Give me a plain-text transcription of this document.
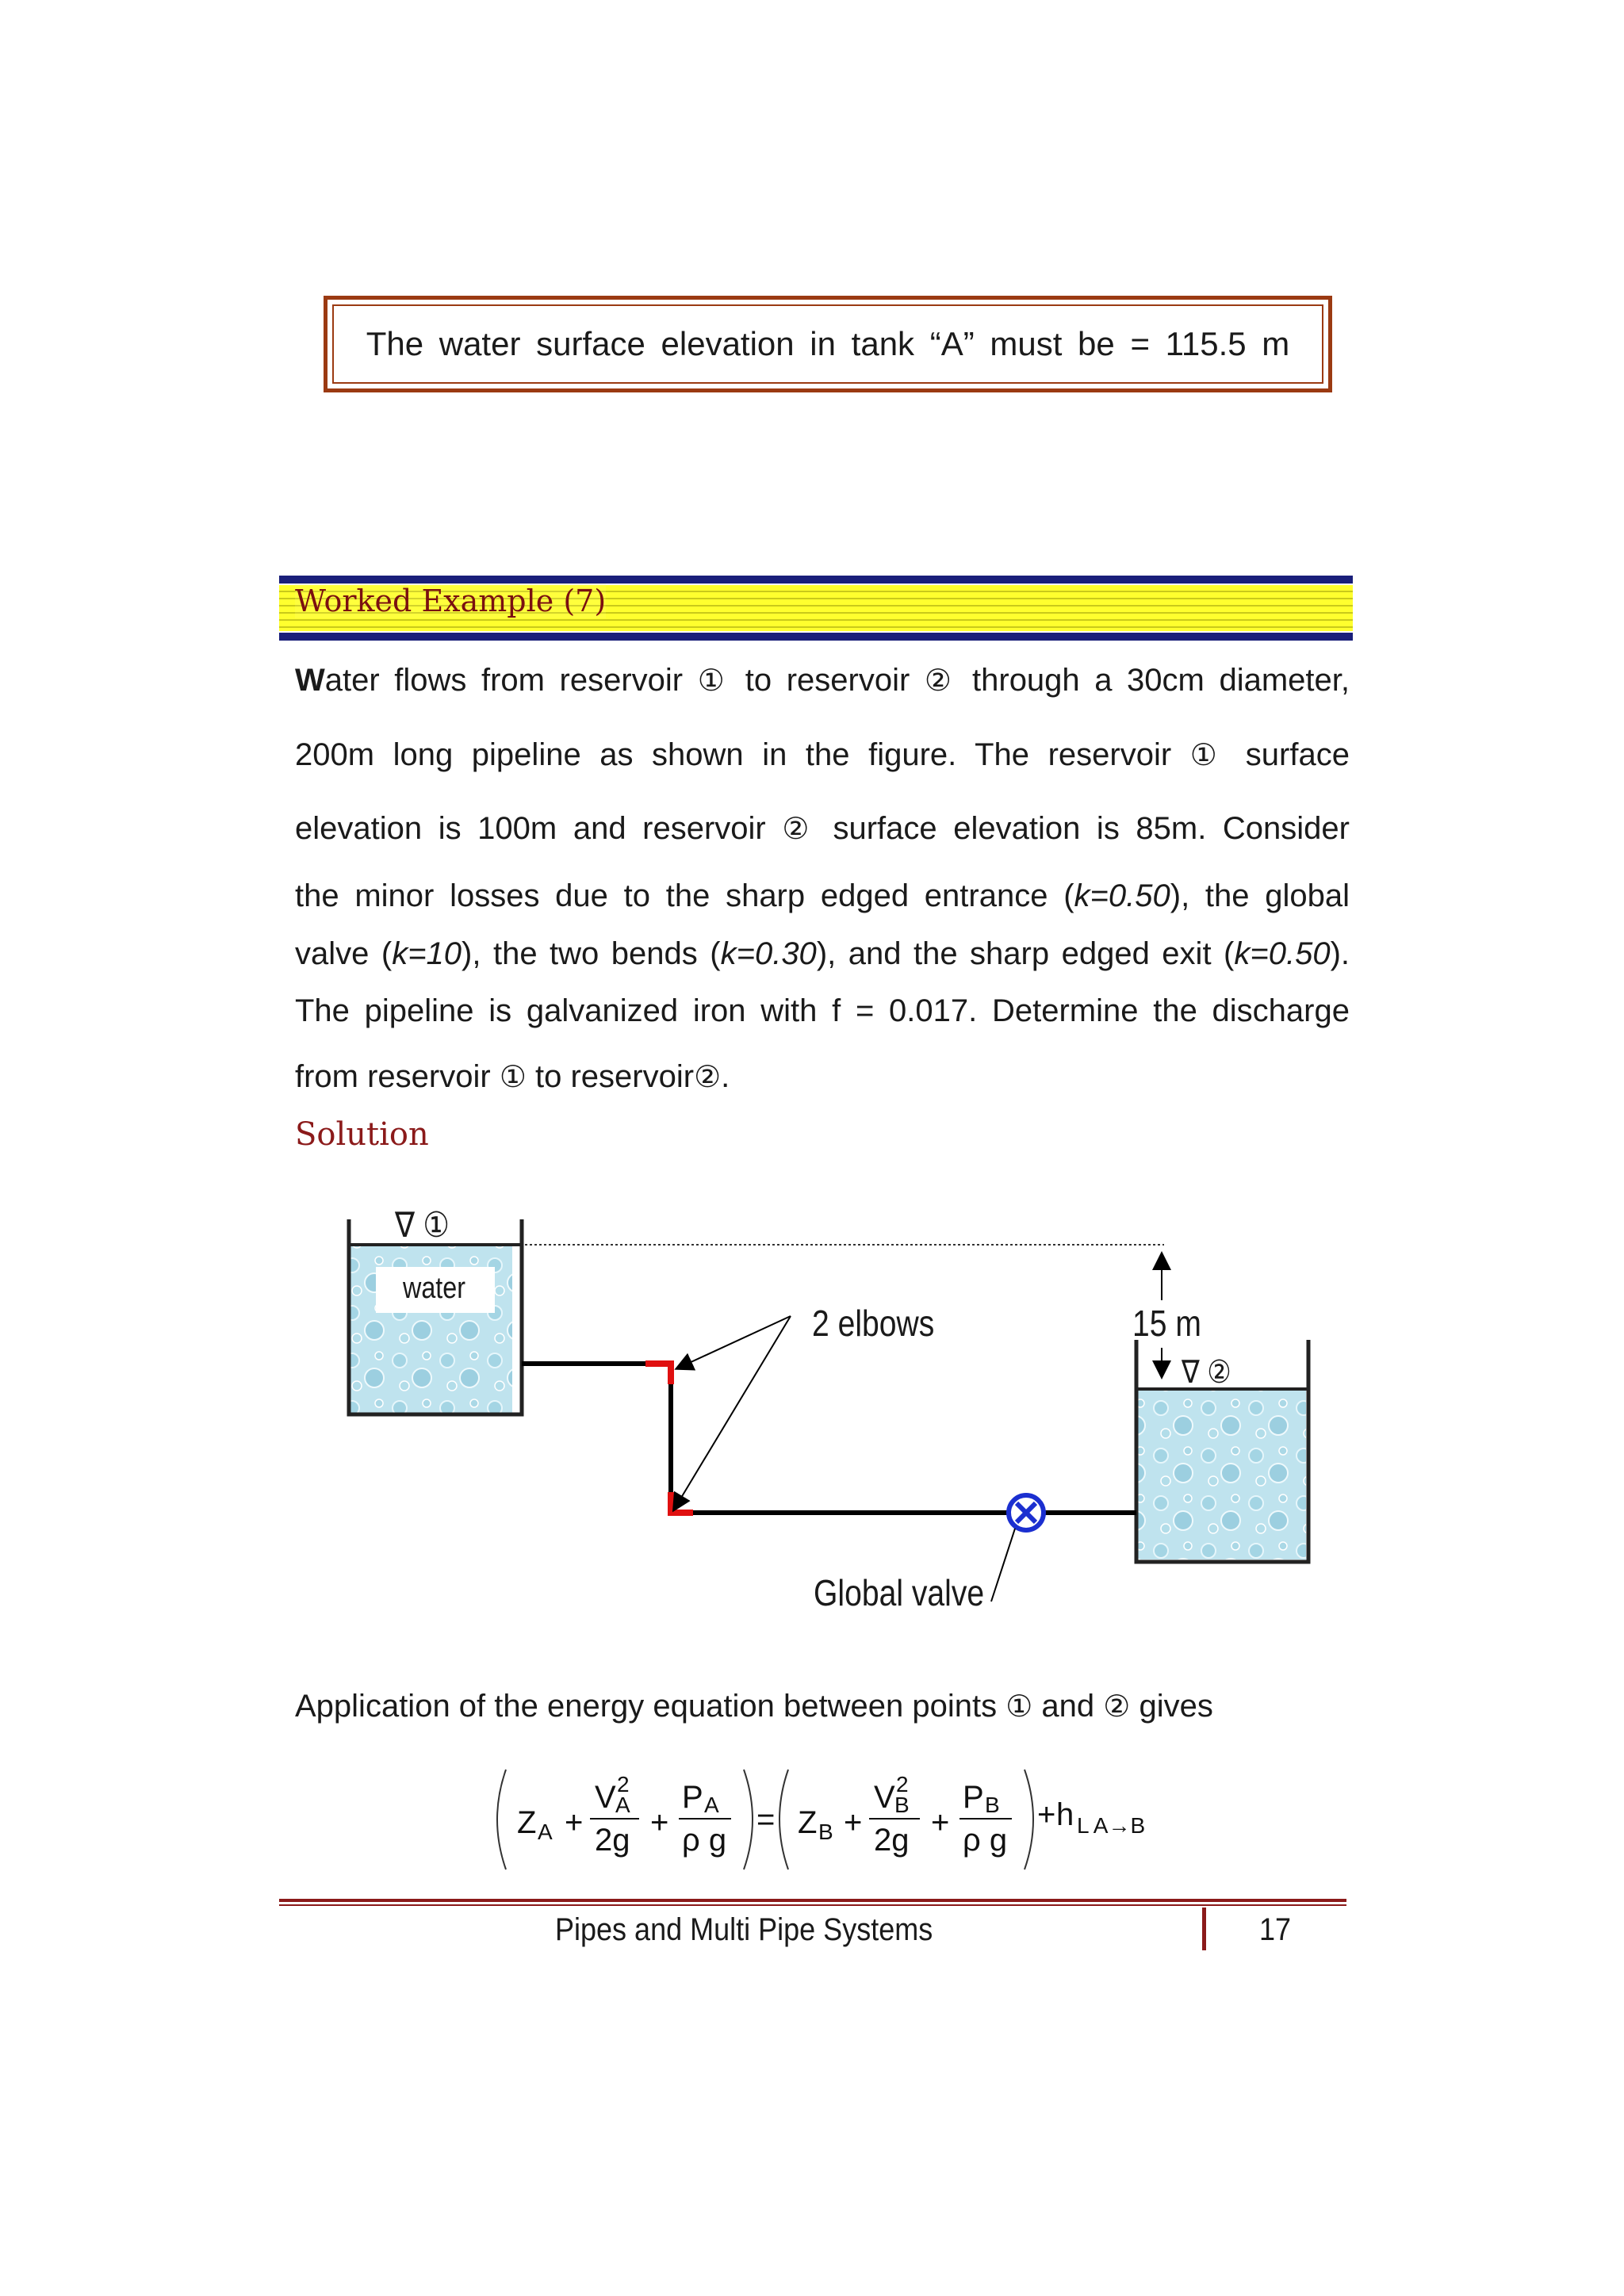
The water surface elevation in tank “A” must be = 115.5 m
Worked Example (7)
Water flows from reservoir ① to reservoir ② through a 30cm diameter,
200m long pipeline as shown in the figure. The reservoir ① surface
elevation is 100m and reservoir ② surface elevation is 85m. Consider
the minor losses due to the sharp edged entrance (k=0.50), the global
valve (k=10), the two bends (k=0.30), and the sharp edged exit (k=0.50).
The pipeline is galvanized iron with f = 0.017. Determine the discharge
from reservoir ① to reservoir②.
Solution
∇ ①
water
2 elbows	15 m
∇ ②
Global valve
Application of the energy equation between points ① and ② gives
Z A +
V 2
A
2g +
P A
ρ g
= Z B +
V 2
B
2g +
P B
ρ g
+ h L A→B
Pipes and Multi Pipe Systems	17
